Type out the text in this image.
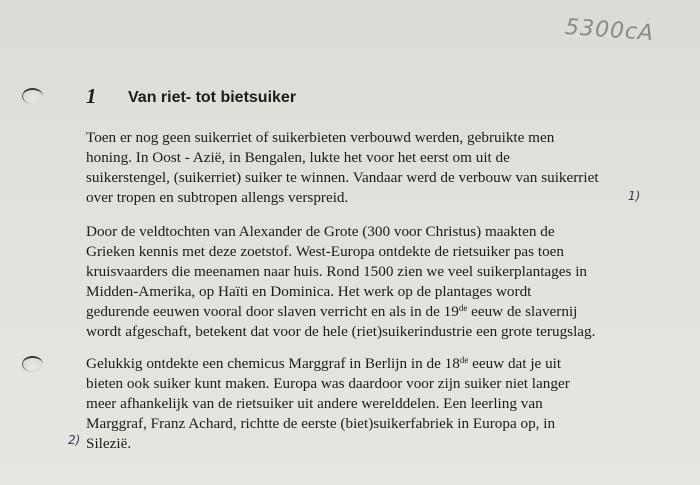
5300cA
1 Van riet- tot bietsuiker

Toen er nog geen suikerriet of suikerbieten verbouwd werden, gebruikte men
honing. In Oost - Azië, in Bengalen, lukte het voor het eerst om uit de
suikerstengel, (suikerriet) suiker te winnen. Vandaar werd de verbouw van suikerriet
over tropen en subtropen allengs verspreid.	1)

Door de veldtochten van Alexander de Grote (300 voor Christus) maakten de
Grieken kennis met deze zoetstof. West-Europa ontdekte de rietsuiker pas toen
kruisvaarders die meenamen naar huis. Rond 1500 zien we veel suikerplantages in
Midden-Amerika, op Haïti en Dominica. Het werk op de plantages wordt
gedurende eeuwen vooral door slaven verricht en als in de 19de eeuw de slavernij
wordt afgeschaft, betekent dat voor de hele (riet)suikerindustrie een grote terugslag.

Gelukkig ontdekte een chemicus Marggraf in Berlijn in de 18de eeuw dat je uit
bieten ook suiker kunt maken. Europa was daardoor voor zijn suiker niet langer
meer afhankelijk van de rietsuiker uit andere werelddelen. Een leerling van
Marggraf, Franz Achard, richtte de eerste (biet)suikerfabriek in Europa op, in
Silezië.

2)
